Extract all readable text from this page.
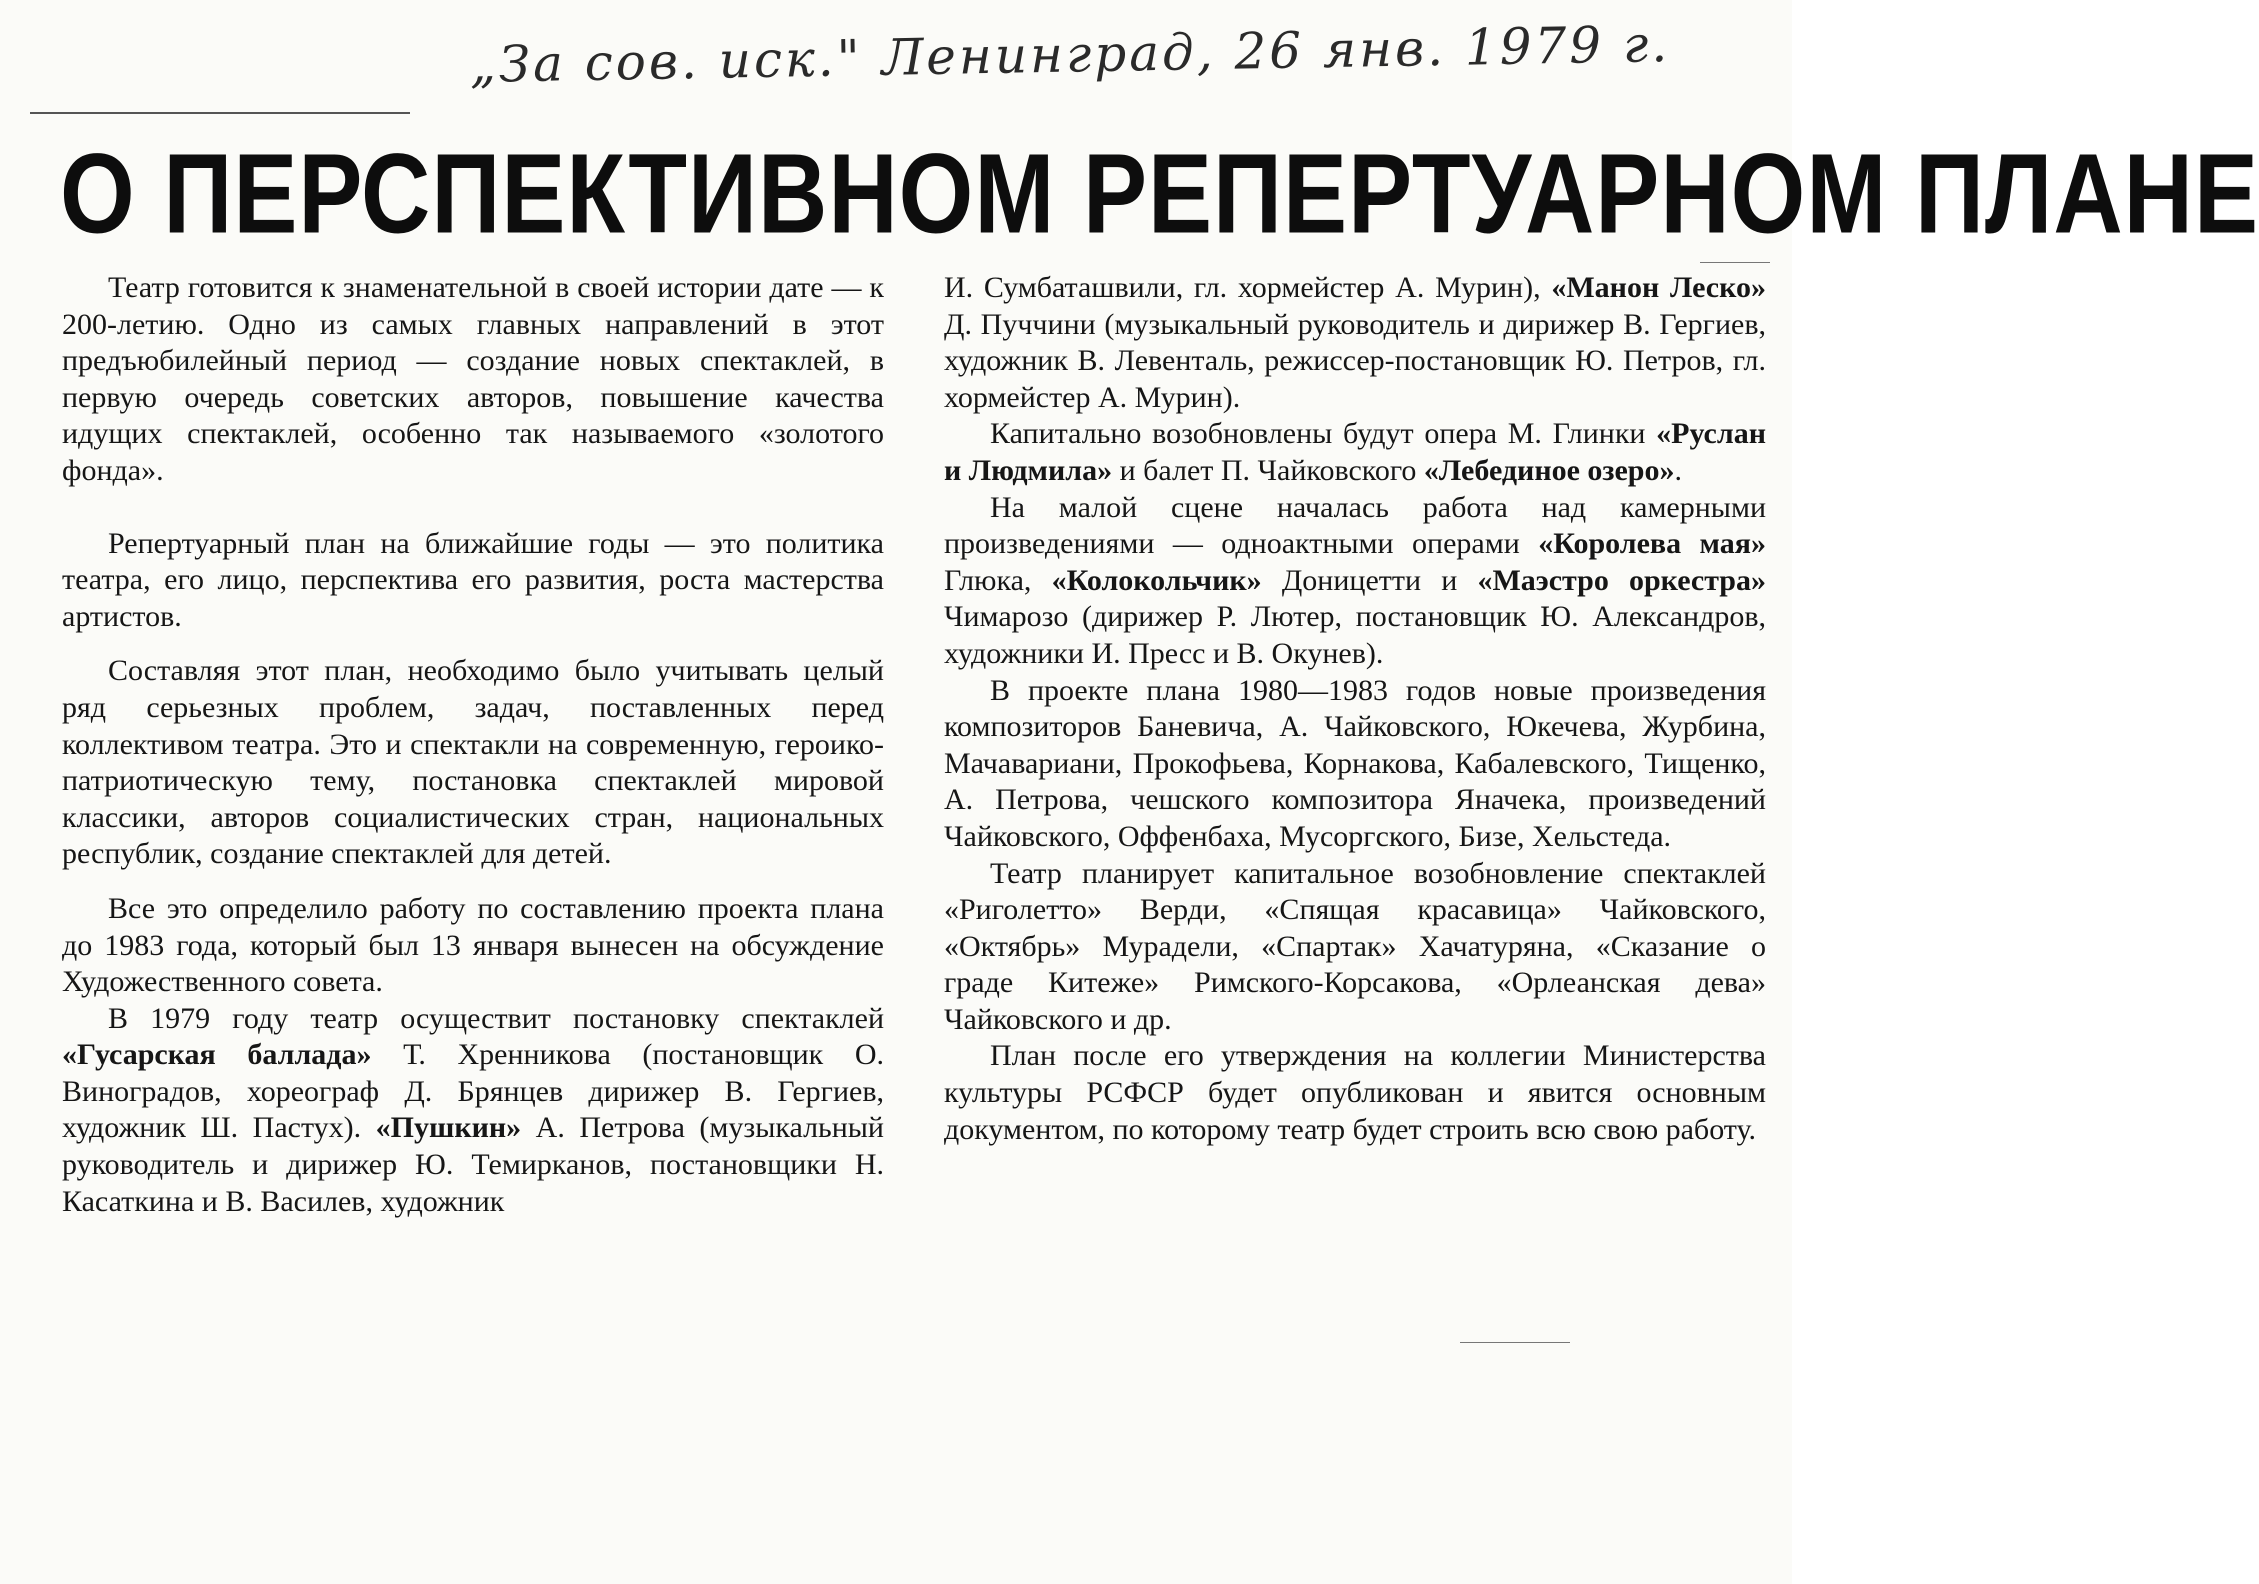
„За сов. иск." Ленинград, 26 янв. 1979 г.
О ПЕРСПЕКТИВНОМ РЕПЕРТУАРНОМ ПЛАНЕ

Театр готовится к знаменательной в своей истории дате — к 200-летию. Одно из самых главных направлений в этот предъюбилейный период — создание новых спектаклей, в первую очередь советских авторов, повышение качества идущих спектаклей, особенно так называемого «золотого фонда».

Репертуарный план на ближайшие годы — это политика театра, его лицо, перспектива его развития, роста мастерства артистов.

Составляя этот план, необходимо было учитывать целый ряд серьезных проблем, задач, поставленных перед коллективом театра. Это и спектакли на современную, героико-патриотическую тему, постановка спектаклей мировой классики, авторов социалистических стран, национальных республик, создание спектаклей для детей.

Все это определило работу по составлению проекта плана до 1983 года, который был 13 января вынесен на обсуждение Художественного совета.

В 1979 году театр осуществит постановку спектаклей «Гусарская баллада» Т. Хренникова (постановщик О. Виноградов, хореограф Д. Брянцев дирижер В. Гергиев, художник Ш. Пастух). «Пушкин» А. Петрова (музыкальный руководитель и дирижер Ю. Темирканов, постановщики Н. Касаткина и В. Василев, художник

И. Сумбаташвили, гл. хормейстер А. Мурин), «Манон Леско» Д. Пуччини (музыкальный руководитель и дирижер В. Гергиев, художник В. Левенталь, режиссер-постановщик Ю. Петров, гл. хормейстер А. Мурин).

Капитально возобновлены будут опера М. Глинки «Руслан и Людмила» и балет П. Чайковского «Лебединое озеро».

На малой сцене началась работа над камерными произведениями — одноактными операми «Королева мая» Глюка, «Колокольчик» Доницетти и «Маэстро оркестра» Чимарозо (дирижер Р. Лютер, постановщик Ю. Александров, художники И. Пресс и В. Окунев).

В проекте плана 1980—1983 годов новые произведения композиторов Баневича, А. Чайковского, Юкечева, Журбина, Мачавариани, Прокофьева, Корнакова, Кабалевского, Тищенко, А. Петрова, чешского композитора Яначека, произведений Чайковского, Оффенбаха, Мусоргского, Бизе, Хельстеда.

Театр планирует капитальное возобновление спектаклей «Риголетто» Верди, «Спящая красавица» Чайковского, «Октябрь» Мурадели, «Спартак» Хачатуряна, «Сказание о граде Китеже» Римского-Корсакова, «Орлеанская дева» Чайковского и др.

План после его утверждения на коллегии Министерства культуры РСФСР будет опубликован и явится основным документом, по которому театр будет строить всю свою работу.
